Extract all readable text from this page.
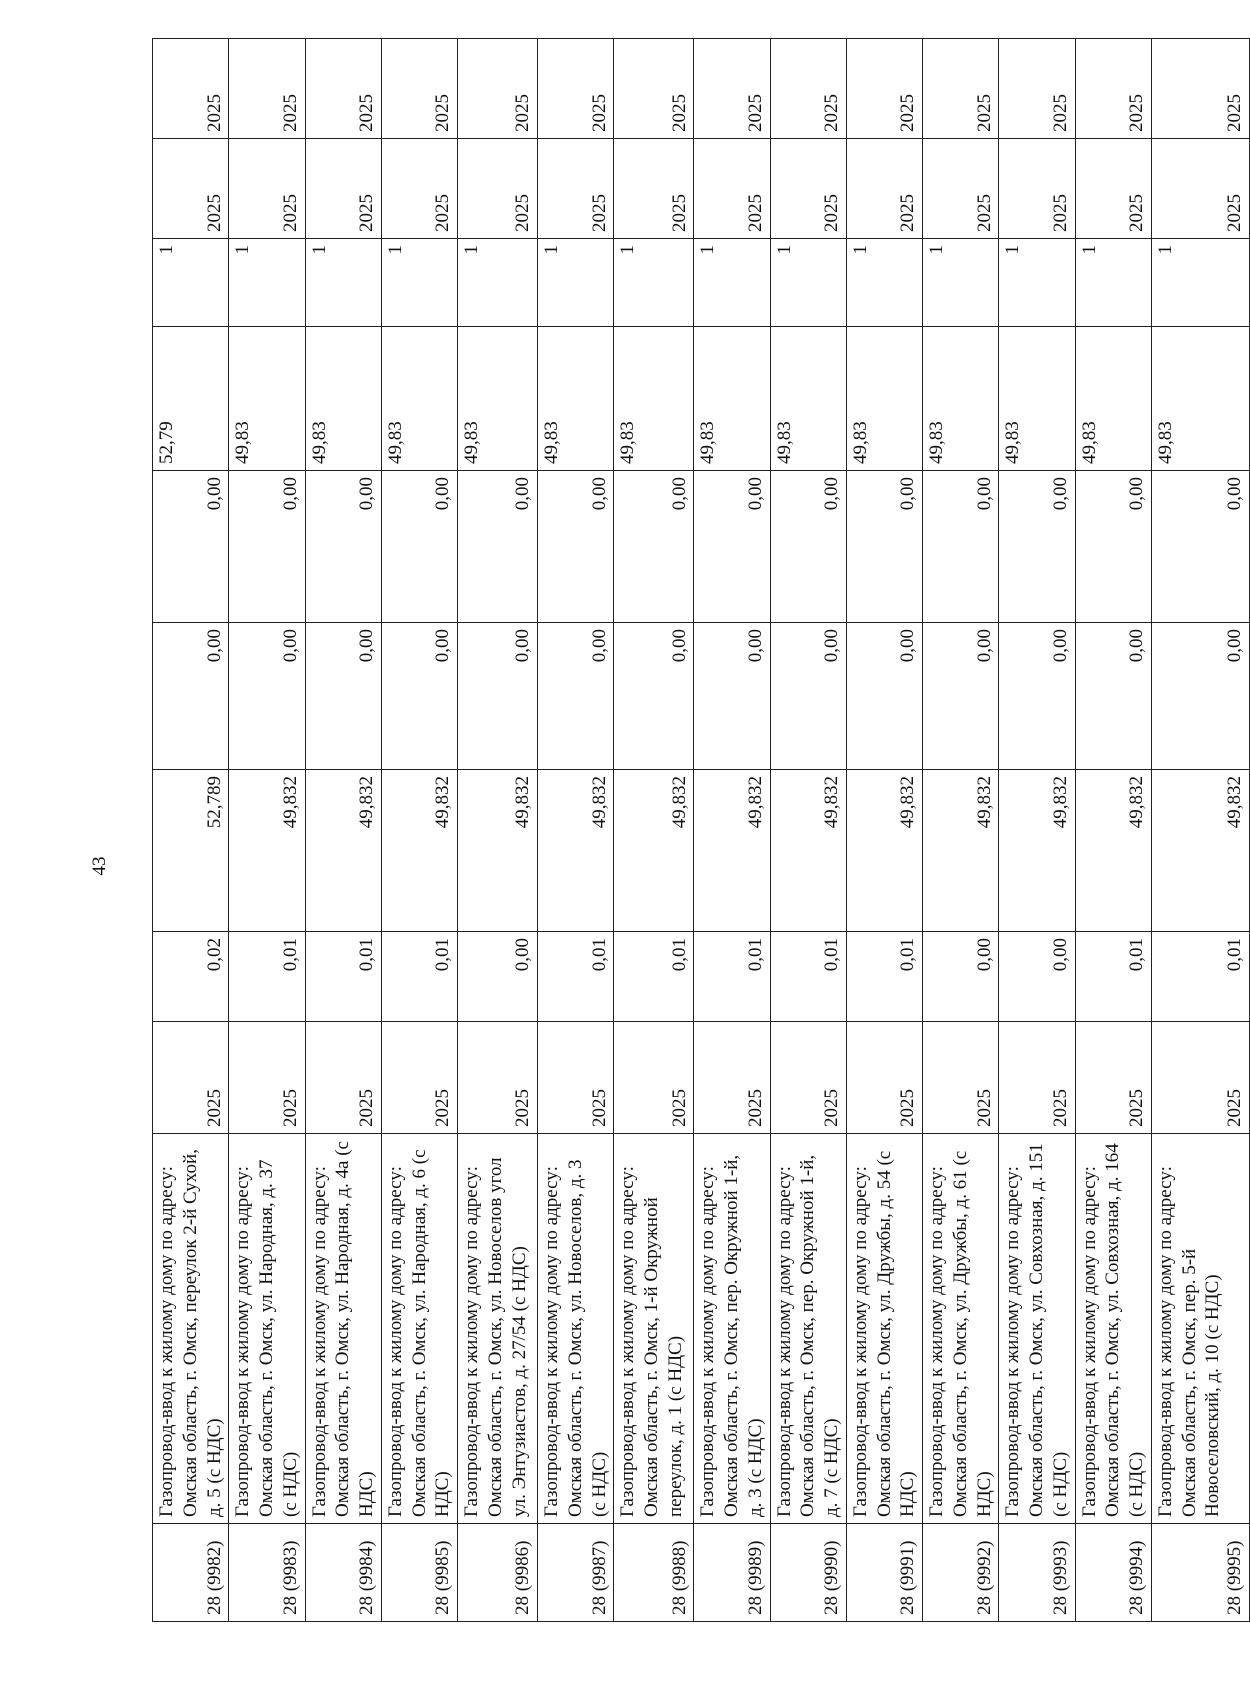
43
28 (9982)	Газопровод-ввод к жилому дому по адресу: Омская область, г. Омск, переулок 2-й Сухой, д. 5 (с НДС)	2025	0,02	52,789	0,00	0,00	52,79	1	2025	2025
28 (9983)	Газопровод-ввод к жилому дому по адресу: Омская область, г. Омск, ул. Народная, д. 37 (с НДС)	2025	0,01	49,832	0,00	0,00	49,83	1	2025	2025
28 (9984)	Газопровод-ввод к жилому дому по адресу: Омская область, г. Омск, ул. Народная, д. 4а (с НДС)	2025	0,01	49,832	0,00	0,00	49,83	1	2025	2025
28 (9985)	Газопровод-ввод к жилому дому по адресу: Омская область, г. Омск, ул. Народная, д. 6 (с НДС)	2025	0,01	49,832	0,00	0,00	49,83	1	2025	2025
28 (9986)	Газопровод-ввод к жилому дому по адресу: Омская область, г. Омск, ул. Новоселов угол ул. Энтузиастов, д. 27/54 (с НДС)	2025	0,00	49,832	0,00	0,00	49,83	1	2025	2025
28 (9987)	Газопровод-ввод к жилому дому по адресу: Омская область, г. Омск, ул. Новоселов, д. 3 (с НДС)	2025	0,01	49,832	0,00	0,00	49,83	1	2025	2025
28 (9988)	Газопровод-ввод к жилому дому по адресу: Омская область, г. Омск, 1-й Окружной переулок, д. 1 (с НДС)	2025	0,01	49,832	0,00	0,00	49,83	1	2025	2025
28 (9989)	Газопровод-ввод к жилому дому по адресу: Омская область, г. Омск, пер. Окружной 1-й, д. 3 (с НДС)	2025	0,01	49,832	0,00	0,00	49,83	1	2025	2025
28 (9990)	Газопровод-ввод к жилому дому по адресу: Омская область, г. Омск, пер. Окружной 1-й, д. 7 (с НДС)	2025	0,01	49,832	0,00	0,00	49,83	1	2025	2025
28 (9991)	Газопровод-ввод к жилому дому по адресу: Омская область, г. Омск, ул. Дружбы, д. 54 (с НДС)	2025	0,01	49,832	0,00	0,00	49,83	1	2025	2025
28 (9992)	Газопровод-ввод к жилому дому по адресу: Омская область, г. Омск, ул. Дружбы, д. 61 (с НДС)	2025	0,00	49,832	0,00	0,00	49,83	1	2025	2025
28 (9993)	Газопровод-ввод к жилому дому по адресу: Омская область, г. Омск, ул. Совхозная, д. 151 (с НДС)	2025	0,00	49,832	0,00	0,00	49,83	1	2025	2025
28 (9994)	Газопровод-ввод к жилому дому по адресу: Омская область, г. Омск, ул. Совхозная, д. 164 (с НДС)	2025	0,01	49,832	0,00	0,00	49,83	1	2025	2025
28 (9995)	Газопровод-ввод к жилому дому по адресу: Омская область, г. Омск, пер. 5-й Новоселовский, д. 10 (с НДС)	2025	0,01	49,832	0,00	0,00	49,83	1	2025	2025
